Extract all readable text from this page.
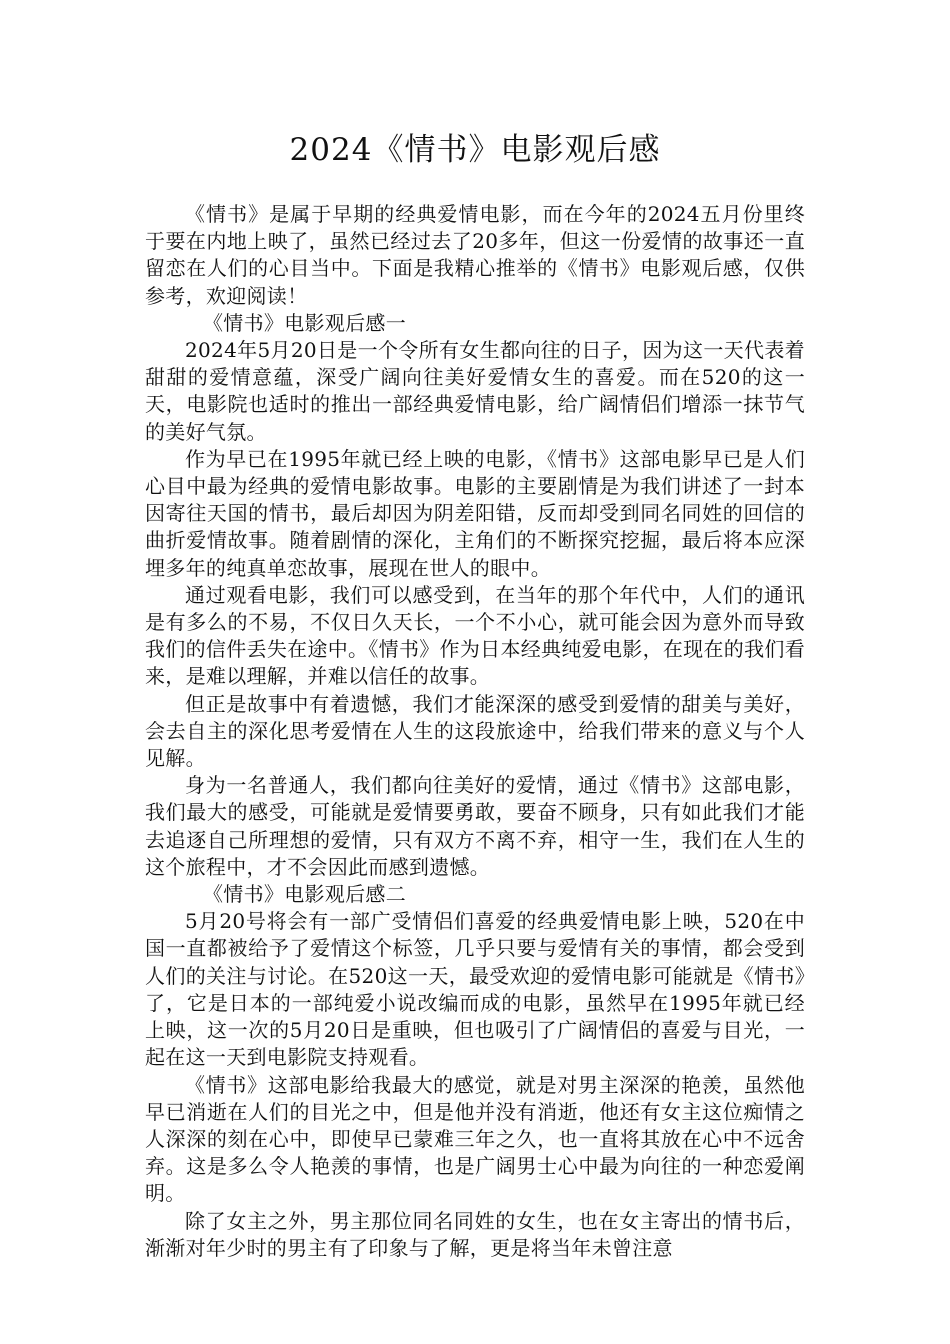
2024《情书》电影观后感

《情书》是属于早期的经典爱情电影，而在今年的2024五月份里终于要在内地上映了，虽然已经过去了20多年，但这一份爱情的故事还一直留恋在人们的心目当中。下面是我精心推举的《情书》电影观后感，仅供参考，欢迎阅读！

《情书》电影观后感一

2024年5月20日是一个令所有女生都向往的日子，因为这一天代表着甜甜的爱情意蕴，深受广阔向往美好爱情女生的喜爱。而在520的这一天，电影院也适时的推出一部经典爱情电影，给广阔情侣们增添一抹节气的美好气氛。

作为早已在1995年就已经上映的电影，《情书》这部电影早已是人们心目中最为经典的爱情电影故事。电影的主要剧情是为我们讲述了一封本因寄往天国的情书，最后却因为阴差阳错，反而却受到同名同姓的回信的曲折爱情故事。随着剧情的深化，主角们的不断探究挖掘，最后将本应深埋多年的纯真单恋故事，展现在世人的眼中。

通过观看电影，我们可以感受到，在当年的那个年代中，人们的通讯是有多么的不易，不仅日久天长，一个不小心，就可能会因为意外而导致我们的信件丢失在途中。《情书》作为日本经典纯爱电影，在现在的我们看来，是难以理解，并难以信任的故事。

但正是故事中有着遗憾，我们才能深深的感受到爱情的甜美与美好，会去自主的深化思考爱情在人生的这段旅途中，给我们带来的意义与个人见解。

身为一名普通人，我们都向往美好的爱情，通过《情书》这部电影，我们最大的感受，可能就是爱情要勇敢，要奋不顾身，只有如此我们才能去追逐自己所理想的爱情，只有双方不离不弃，相守一生，我们在人生的这个旅程中，才不会因此而感到遗憾。

《情书》电影观后感二

5月20号将会有一部广受情侣们喜爱的经典爱情电影上映，520在中国一直都被给予了爱情这个标签，几乎只要与爱情有关的事情，都会受到人们的关注与讨论。在520这一天，最受欢迎的爱情电影可能就是《情书》了，它是日本的一部纯爱小说改编而成的电影，虽然早在1995年就已经上映，这一次的5月20日是重映，但也吸引了广阔情侣的喜爱与目光，一起在这一天到电影院支持观看。

《情书》这部电影给我最大的感觉，就是对男主深深的艳羡，虽然他早已消逝在人们的目光之中，但是他并没有消逝，他还有女主这位痴情之人深深的刻在心中，即使早已蒙难三年之久，也一直将其放在心中不远舍弃。这是多么令人艳羡的事情，也是广阔男士心中最为向往的一种恋爱阐明。

除了女主之外，男主那位同名同姓的女生，也在女主寄出的情书后，渐渐对年少时的男主有了印象与了解，更是将当年未曾注意
